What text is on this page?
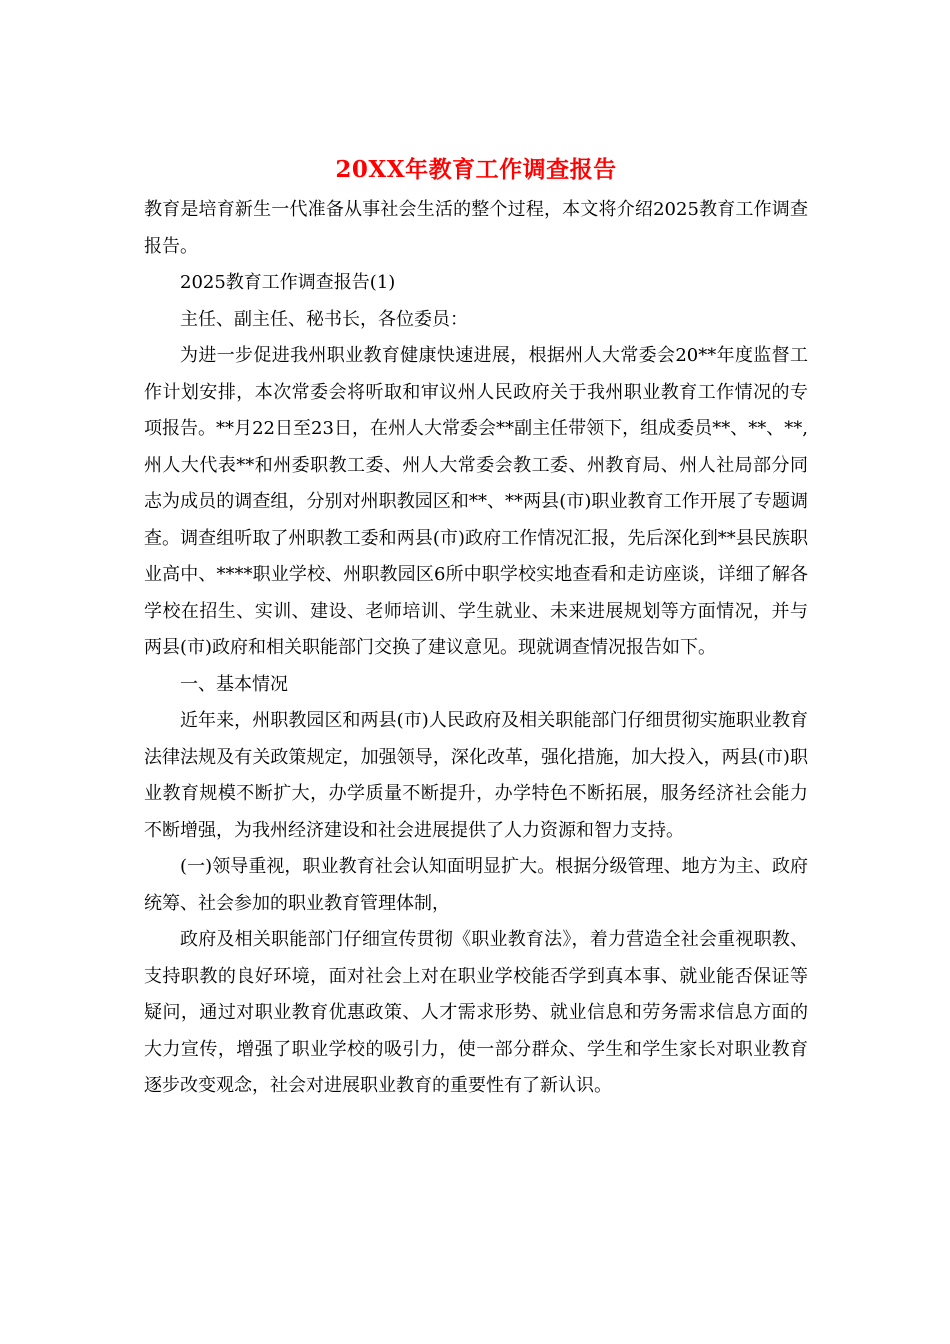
20XX年教育工作调查报告

教育是培育新生一代准备从事社会生活的整个过程，本文将介绍2025教育工作调查报告。

2025教育工作调查报告(1)

主任、副主任、秘书长，各位委员：

为进一步促进我州职业教育健康快速进展，根据州人大常委会20**年度监督工作计划安排，本次常委会将听取和审议州人民政府关于我州职业教育工作情况的专项报告。**月22日至23日，在州人大常委会**副主任带领下，组成委员**、**、**,州人大代表**和州委职教工委、州人大常委会教工委、州教育局、州人社局部分同志为成员的调查组，分别对州职教园区和**、**两县(市)职业教育工作开展了专题调查。调查组听取了州职教工委和两县(市)政府工作情况汇报，先后深化到**县民族职业高中、****职业学校、州职教园区6所中职学校实地查看和走访座谈，详细了解各学校在招生、实训、建设、老师培训、学生就业、未来进展规划等方面情况，并与两县(市)政府和相关职能部门交换了建议意见。现就调查情况报告如下。

一、基本情况

近年来，州职教园区和两县(市)人民政府及相关职能部门仔细贯彻实施职业教育法律法规及有关政策规定，加强领导，深化改革，强化措施，加大投入，两县(市)职业教育规模不断扩大，办学质量不断提升，办学特色不断拓展，服务经济社会能力不断增强，为我州经济建设和社会进展提供了人力资源和智力支持。

(一)领导重视，职业教育社会认知面明显扩大。根据分级管理、地方为主、政府统筹、社会参加的职业教育管理体制，

政府及相关职能部门仔细宣传贯彻《职业教育法》，着力营造全社会重视职教、支持职教的良好环境，面对社会上对在职业学校能否学到真本事、就业能否保证等疑问，通过对职业教育优惠政策、人才需求形势、就业信息和劳务需求信息方面的大力宣传，增强了职业学校的吸引力，使一部分群众、学生和学生家长对职业教育逐步改变观念，社会对进展职业教育的重要性有了新认识。
